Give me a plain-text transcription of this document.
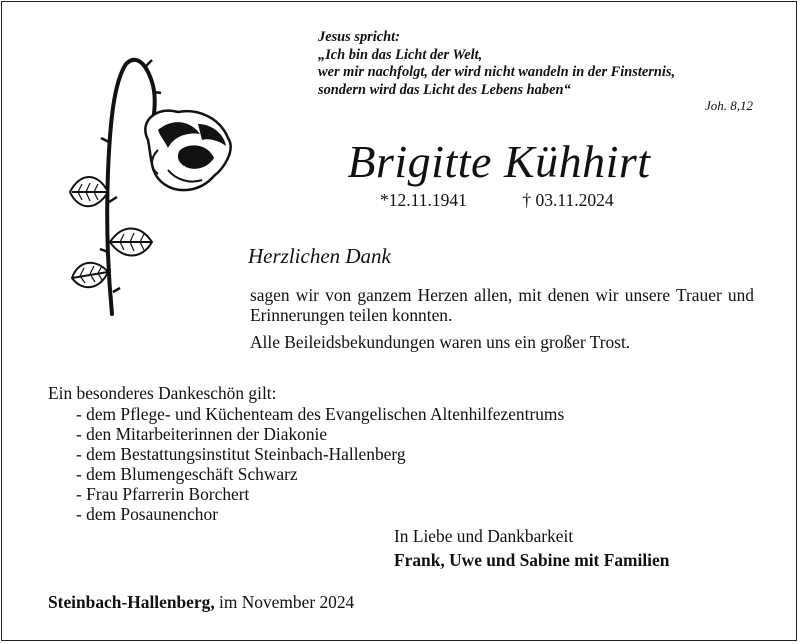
Jesus spricht:
„Ich bin das Licht der Welt,
wer mir nachfolgt, der wird nicht wandeln in der Finsternis,
sondern wird das Licht des Lebens haben“
Joh. 8,12
Brigitte Kühhirt
*12.11.1941	† 03.11.2024
Herzlichen Dank
sagen wir von ganzem Herzen allen, mit denen wir unsere Trauer und Erinnerungen teilen konnten.
Alle Beileidsbekundungen waren uns ein großer Trost.
Ein besonderes Dankeschön gilt:
- dem Pflege- und Küchenteam des Evangelischen Altenhilfezentrums
- den Mitarbeiterinnen der Diakonie
- dem Bestattungsinstitut Steinbach-Hallenberg
- dem Blumengeschäft Schwarz
- Frau Pfarrerin Borchert
- dem Posaunenchor
In Liebe und Dankbarkeit
Frank, Uwe und Sabine mit Familien
Steinbach-Hallenberg, im November 2024
